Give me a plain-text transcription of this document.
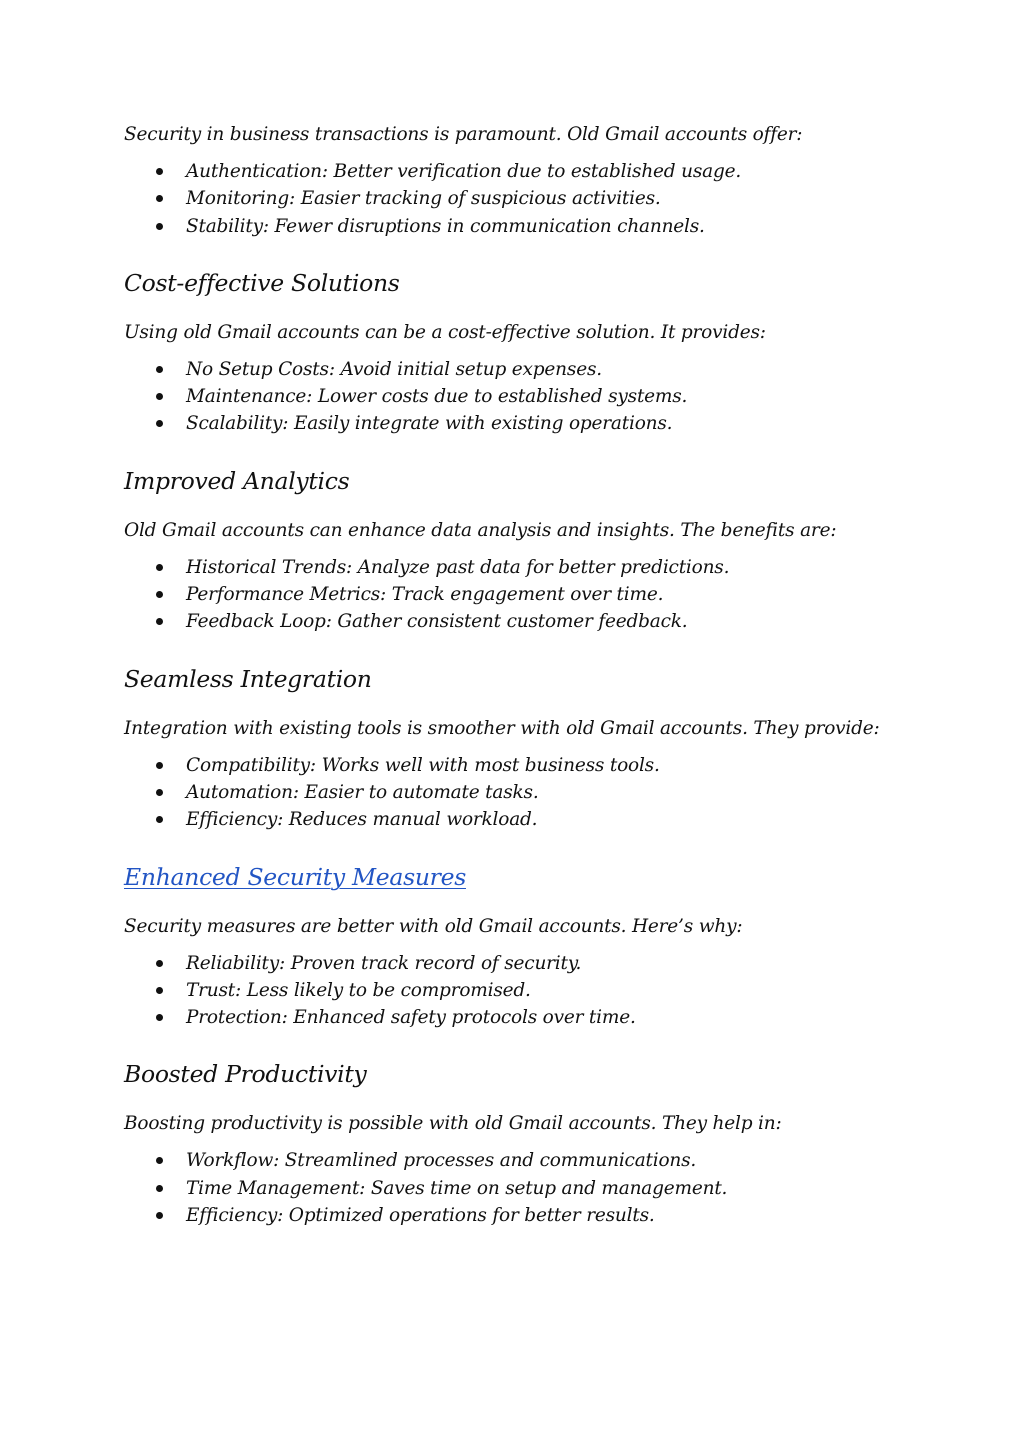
Security in business transactions is paramount. Old Gmail accounts offer:

Authentication: Better verification due to established usage.
Monitoring: Easier tracking of suspicious activities.
Stability: Fewer disruptions in communication channels.
Cost-effective Solutions

Using old Gmail accounts can be a cost-effective solution. It provides:

No Setup Costs: Avoid initial setup expenses.
Maintenance: Lower costs due to established systems.
Scalability: Easily integrate with existing operations.
Improved Analytics

Old Gmail accounts can enhance data analysis and insights. The benefits are:

Historical Trends: Analyze past data for better predictions.
Performance Metrics: Track engagement over time.
Feedback Loop: Gather consistent customer feedback.
Seamless Integration

Integration with existing tools is smoother with old Gmail accounts. They provide:

Compatibility: Works well with most business tools.
Automation: Easier to automate tasks.
Efficiency: Reduces manual workload.
Enhanced Security Measures

Security measures are better with old Gmail accounts. Here’s why:

Reliability: Proven track record of security.
Trust: Less likely to be compromised.
Protection: Enhanced safety protocols over time.
Boosted Productivity

Boosting productivity is possible with old Gmail accounts. They help in:

Workflow: Streamlined processes and communications.
Time Management: Saves time on setup and management.
Efficiency: Optimized operations for better results.
